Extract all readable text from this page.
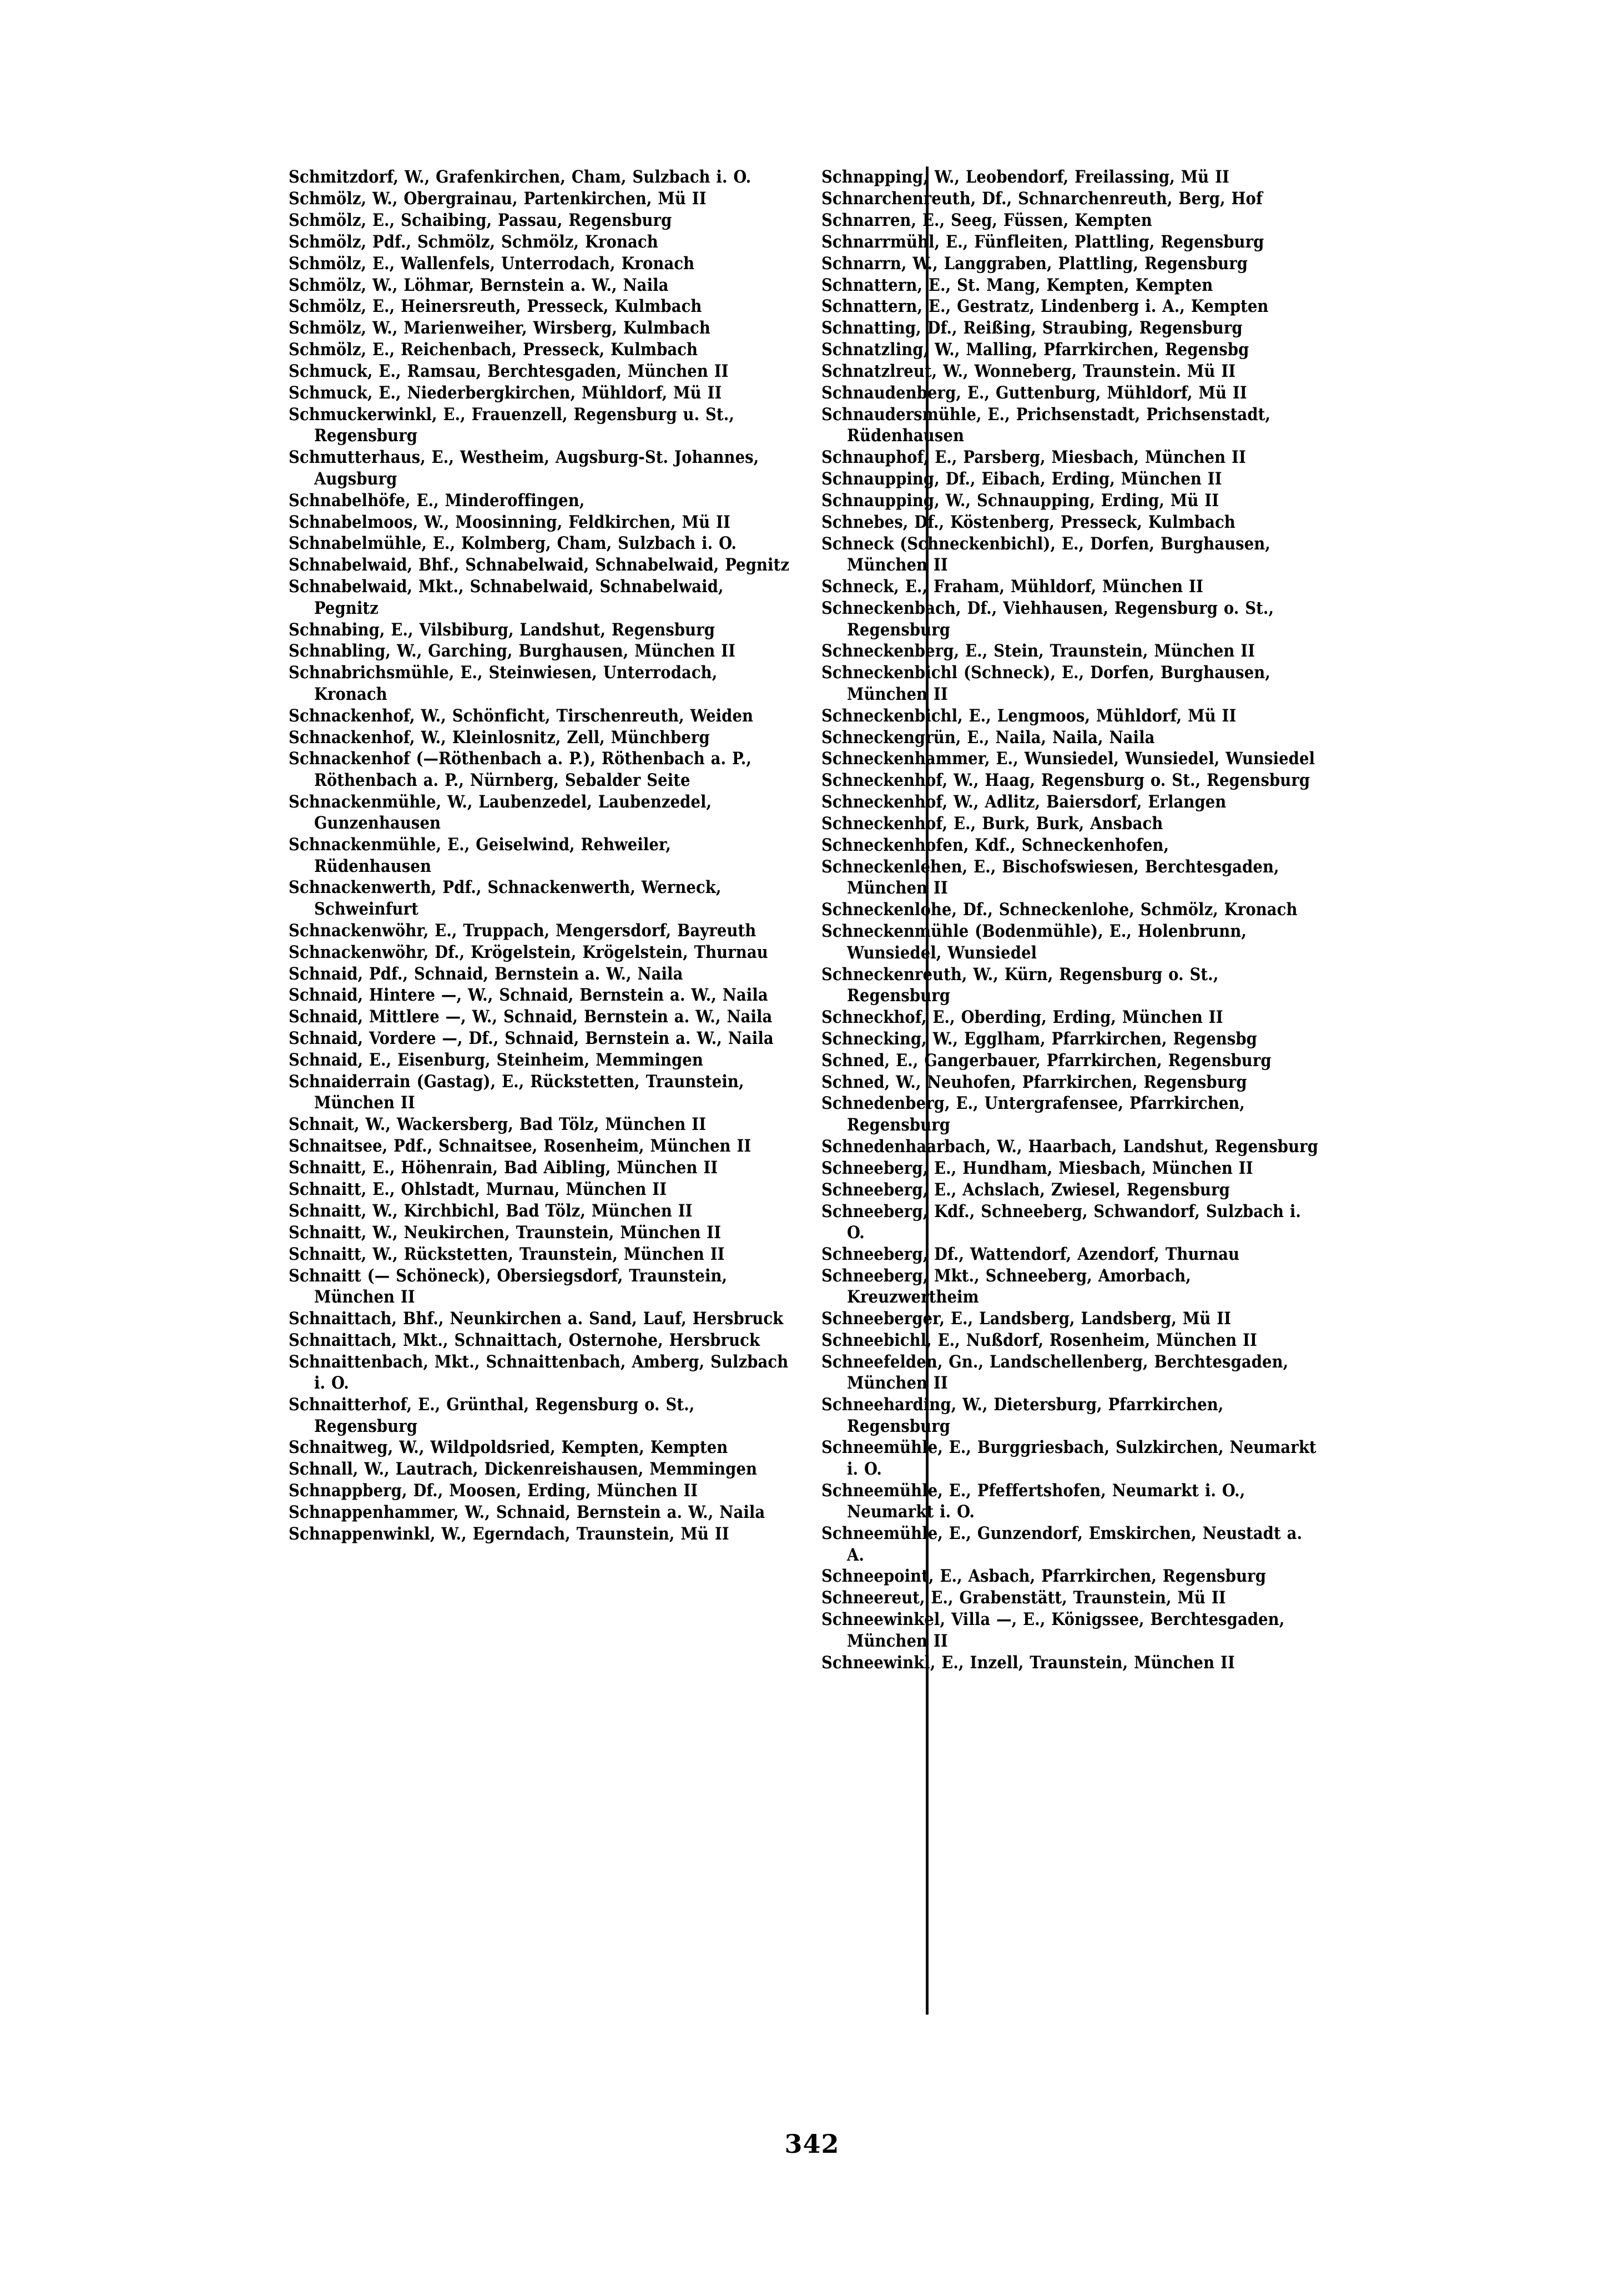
Schmitzdorf, W., Grafenkirchen, Cham, Sulzbach i. O.

Schmölz, W., Obergrainau, Partenkirchen, Mü II

Schmölz, E., Schaibing, Passau, Regensburg

Schmölz, Pdf., Schmölz, Schmölz, Kronach

Schmölz, E., Wallenfels, Unterrodach, Kronach

Schmölz, W., Löhmar, Bernstein a. W., Naila

Schmölz, E., Heinersreuth, Presseck, Kulmbach

Schmölz, W., Marienweiher, Wirsberg, Kulmbach

Schmölz, E., Reichenbach, Presseck, Kulmbach

Schmuck, E., Ramsau, Berchtesgaden, München II

Schmuck, E., Niederbergkirchen, Mühldorf, Mü II

Schmuckerwinkl, E., Frauenzell, Regensburg u. St., Regensburg

Schmutterhaus, E., Westheim, Augsburg-St. Johannes, Augsburg

Schnabelhöfe, E., Minderoffingen,

Schnabelmoos, W., Moosinning, Feldkirchen, Mü II

Schnabelmühle, E., Kolmberg, Cham, Sulzbach i. O.

Schnabelwaid, Bhf., Schnabelwaid, Schnabelwaid, Pegnitz

Schnabelwaid, Mkt., Schnabelwaid, Schnabelwaid, Pegnitz

Schnabing, E., Vilsbiburg, Landshut, Regensburg

Schnabling, W., Garching, Burghausen, München II

Schnabrichsmühle, E., Steinwiesen, Unterrodach, Kronach

Schnackenhof, W., Schönficht, Tirschenreuth, Weiden

Schnackenhof, W., Kleinlosnitz, Zell, Münchberg

Schnackenhof (—Röthenbach a. P.), Röthenbach a. P., Röthenbach a. P., Nürnberg, Sebalder Seite

Schnackenmühle, W., Laubenzedel, Laubenzedel, Gunzenhausen

Schnackenmühle, E., Geiselwind, Rehweiler, Rüdenhausen

Schnackenwerth, Pdf., Schnackenwerth, Werneck, Schweinfurt

Schnackenwöhr, E., Truppach, Mengersdorf, Bayreuth

Schnackenwöhr, Df., Krögelstein, Krögelstein, Thurnau

Schnaid, Pdf., Schnaid, Bernstein a. W., Naila

Schnaid, Hintere —, W., Schnaid, Bernstein a. W., Naila

Schnaid, Mittlere —, W., Schnaid, Bernstein a. W., Naila

Schnaid, Vordere —, Df., Schnaid, Bernstein a. W., Naila

Schnaid, E., Eisenburg, Steinheim, Memmingen

Schnaiderrain (Gastag), E., Rückstetten, Traunstein, München II

Schnait, W., Wackersberg, Bad Tölz, München II

Schnaitsee, Pdf., Schnaitsee, Rosenheim, München II

Schnaitt, E., Höhenrain, Bad Aibling, München II

Schnaitt, E., Ohlstadt, Murnau, München II

Schnaitt, W., Kirchbichl, Bad Tölz, München II

Schnaitt, W., Neukirchen, Traunstein, München II

Schnaitt, W., Rückstetten, Traunstein, München II

Schnaitt (— Schöneck), Obersiegsdorf, Traunstein, München II

Schnaittach, Bhf., Neunkirchen a. Sand, Lauf, Hersbruck

Schnaittach, Mkt., Schnaittach, Osternohe, Hersbruck

Schnaittenbach, Mkt., Schnaittenbach, Amberg, Sulzbach i. O.

Schnaitterhof, E., Grünthal, Regensburg o. St., Regensburg

Schnaitweg, W., Wildpoldsried, Kempten, Kempten

Schnall, W., Lautrach, Dickenreishausen, Memmingen

Schnappberg, Df., Moosen, Erding, München II

Schnappenhammer, W., Schnaid, Bernstein a. W., Naila

Schnappenwinkl, W., Egerndach, Traunstein, Mü II

Schnapping, W., Leobendorf, Freilassing, Mü II

Schnarchenreuth, Df., Schnarchenreuth, Berg, Hof

Schnarren, E., Seeg, Füssen, Kempten

Schnarrmühl, E., Fünfleiten, Plattling, Regensburg

Schnarrn, W., Langgraben, Plattling, Regensburg

Schnattern, E., St. Mang, Kempten, Kempten

Schnattern, E., Gestratz, Lindenberg i. A., Kempten

Schnatting, Df., Reißing, Straubing, Regensburg

Schnatzling, W., Malling, Pfarrkirchen, Regensbg

Schnatzlreut, W., Wonneberg, Traunstein. Mü II

Schnaudenberg, E., Guttenburg, Mühldorf, Mü II

Schnaudersmühle, E., Prichsenstadt, Prichsenstadt, Rüdenhausen

Schnauphof, E., Parsberg, Miesbach, München II

Schnaupping, Df., Eibach, Erding, München II

Schnaupping, W., Schnaupping, Erding, Mü II

Schnebes, Df., Köstenberg, Presseck, Kulmbach

Schneck (Schneckenbichl), E., Dorfen, Burghausen, München II

Schneck, E., Fraham, Mühldorf, München II

Schneckenbach, Df., Viehhausen, Regensburg o. St., Regensburg

Schneckenberg, E., Stein, Traunstein, München II

Schneckenbichl (Schneck), E., Dorfen, Burghausen, München II

Schneckenbichl, E., Lengmoos, Mühldorf, Mü II

Schneckengrün, E., Naila, Naila, Naila

Schneckenhammer, E., Wunsiedel, Wunsiedel, Wunsiedel

Schneckenhof, W., Haag, Regensburg o. St., Regensburg

Schneckenhof, W., Adlitz, Baiersdorf, Erlangen

Schneckenhof, E., Burk, Burk, Ansbach

Schneckenhofen, Kdf., Schneckenhofen,

Schneckenlehen, E., Bischofswiesen, Berchtesgaden, München II

Schneckenlohe, Df., Schneckenlohe, Schmölz, Kronach

Schneckenmühle (Bodenmühle), E., Holenbrunn, Wunsiedel, Wunsiedel

Schneckenreuth, W., Kürn, Regensburg o. St., Regensburg

Schneckhof, E., Oberding, Erding, München II

Schnecking, W., Egglham, Pfarrkirchen, Regensbg

Schned, E., Gangerbauer, Pfarrkirchen, Regensburg

Schned, W., Neuhofen, Pfarrkirchen, Regensburg

Schnedenberg, E., Untergrafensee, Pfarrkirchen, Regensburg

Schnedenhaarbach, W., Haarbach, Landshut, Regensburg

Schneeberg, E., Hundham, Miesbach, München II

Schneeberg, E., Achslach, Zwiesel, Regensburg

Schneeberg, Kdf., Schneeberg, Schwandorf, Sulzbach i. O.

Schneeberg, Df., Wattendorf, Azendorf, Thurnau

Schneeberg, Mkt., Schneeberg, Amorbach, Kreuzwertheim

Schneeberger, E., Landsberg, Landsberg, Mü II

Schneebichl, E., Nußdorf, Rosenheim, München II

Schneefelden, Gn., Landschellenberg, Berchtesgaden, München II

Schneeharding, W., Dietersburg, Pfarrkirchen, Regensburg

Schneemühle, E., Burggriesbach, Sulzkirchen, Neumarkt i. O.

Schneemühle, E., Pfeffertshofen, Neumarkt i. O., Neumarkt i. O.

Schneemühle, E., Gunzendorf, Emskirchen, Neustadt a. A.

Schneepoint, E., Asbach, Pfarrkirchen, Regensburg

Schneereut, E., Grabenstätt, Traunstein, Mü II

Schneewinkel, Villa —, E., Königssee, Berchtesgaden, München II

Schneewinkl, E., Inzell, Traunstein, München II

342
